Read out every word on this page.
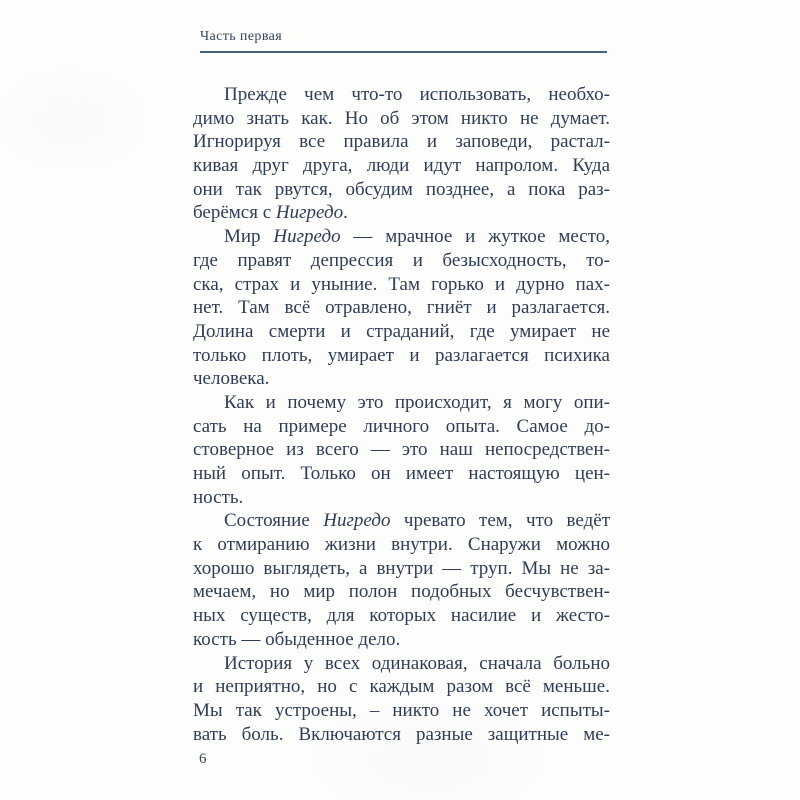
Часть первая
Прежде чем что-то использовать, необхо-
димо знать как. Но об этом никто не думает.
Игнорируя все правила и заповеди, растал-
кивая друг друга, люди идут напролом. Куда
они так рвутся, обсудим позднее, а пока раз-
берёмся с Нигредо.
Мир Нигредо — мрачное и жуткое место,
где правят депрессия и безысходность, то-
ска, страх и уныние. Там горько и дурно пах-
нет. Там всё отравлено, гниёт и разлагается.
Долина смерти и страданий, где умирает не
только плоть, умирает и разлагается психика
человека.
Как и почему это происходит, я могу опи-
сать на примере личного опыта. Самое до-
стоверное из всего — это наш непосредствен-
ный опыт. Только он имеет настоящую цен-
ность.
Состояние Нигредо чревато тем, что ведёт
к отмиранию жизни внутри. Снаружи можно
хорошо выглядеть, а внутри — труп. Мы не за-
мечаем, но мир полон подобных бесчувствен-
ных существ, для которых насилие и жесто-
кость — обыденное дело.
История у всех одинаковая, сначала больно
и неприятно, но с каждым разом всё меньше.
Мы так устроены, – никто не хочет испыты-
вать боль. Включаются разные защитные ме-
6
